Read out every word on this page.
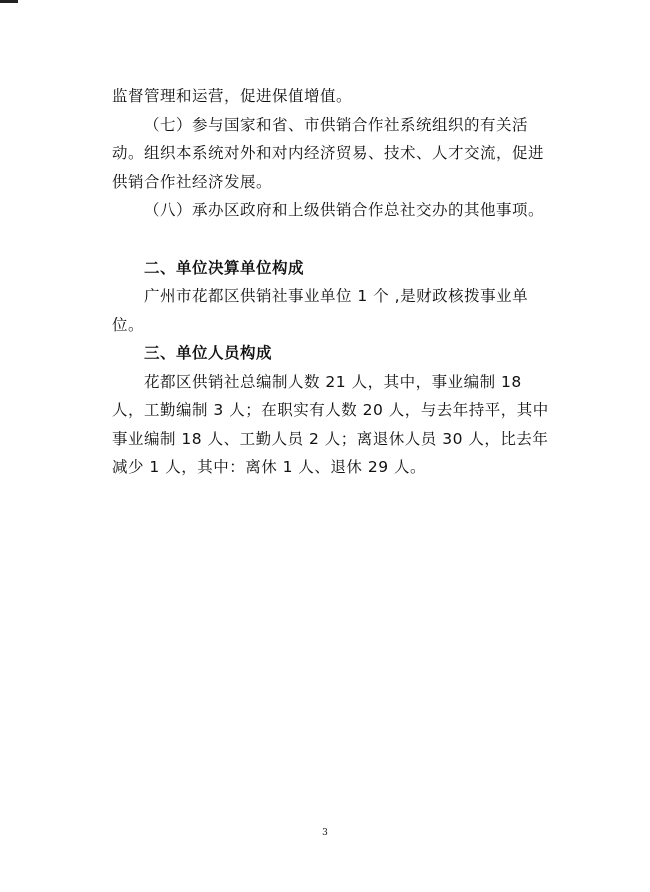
监督管理和运营，促进保值增值。

（七）参与国家和省、市供销合作社系统组织的有关活动。组织本系统对外和对内经济贸易、技术、人才交流，促进供销合作社经济发展。

（八）承办区政府和上级供销合作总社交办的其他事项。

二、单位决算单位构成

广州市花都区供销社事业单位 1 个 ,是财政核拨事业单位。

三、单位人员构成

花都区供销社总编制人数 21 人，其中，事业编制 18 人，工勤编制 3 人；在职实有人数 20 人，与去年持平，其中事业编制 18 人、工勤人员 2 人；离退休人员 30 人，比去年减少 1 人，其中：离休 1 人、退休 29 人。

3
